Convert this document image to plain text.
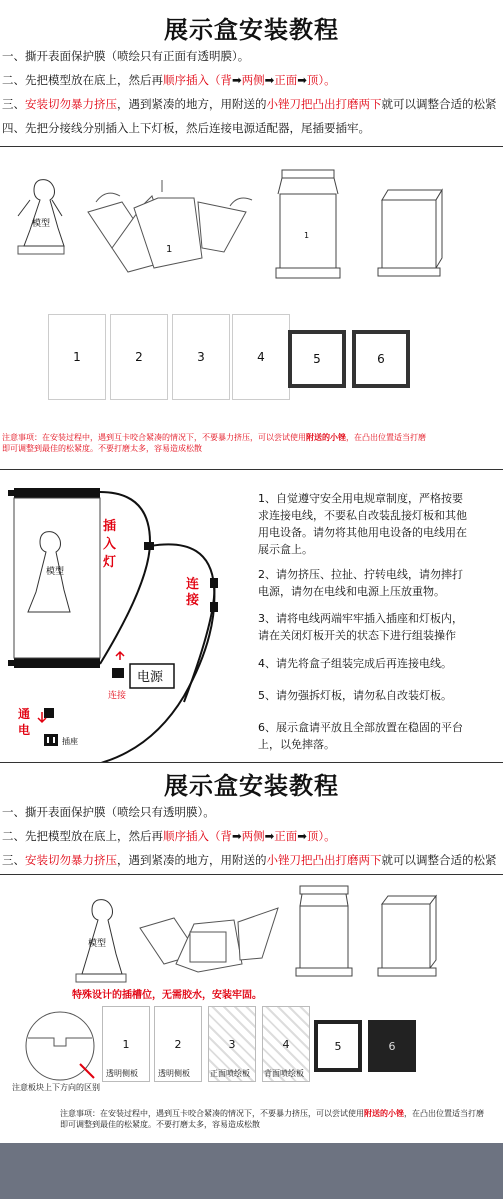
展示盒安装教程
一、撕开表面保护膜（喷绘只有正面有透明膜）。
二、先把模型放在底上，然后再顺序插入（背➡两侧➡正面➡顶）。
三、安装切勿暴力挤压，遇到紧凑的地方，用附送的小锉刀把凸出打磨两下就可以调整合适的松紧
四、先把分接线分别插入上下灯板，然后连接电源适配器，尾插要插牢。
模型
1
1
1	2	3	4	5	6
注意事项：在安装过程中，遇到互卡咬合紧凑的情况下，不要暴力挤压，可以尝试使用附送的小锉，在凸出位置适当打磨
即可调整到最佳的松紧度。不要打磨太多，容易造成松散
模型
插入灯
连接
连接
电源
通电
插座
1、自觉遵守安全用电规章制度，严格按要
求连接电线，不要私自改装乱接灯板和其他
用电设备。请勿将其他用电设备的电线用在
展示盒上。
2、请勿挤压、拉扯、拧转电线，请勿摔打
电源，请勿在电线和电源上压放重物。
3、请将电线两端牢牢插入插座和灯板内，
请在关闭灯板开关的状态下进行组装操作
4、请先将盒子组装完成后再连接电线。
5、请勿强拆灯板，请勿私自改装灯板。
6、展示盒请平放且全部放置在稳固的平台
上，以免摔落。
展示盒安装教程
一、撕开表面保护膜（喷绘只有透明膜）。
二、先把模型放在底上，然后再顺序插入（背➡两侧➡正面➡顶）。
三、安装切勿暴力挤压，遇到紧凑的地方，用附送的小锉刀把凸出打磨两下就可以调整合适的松紧
模型
特殊设计的插槽位，无需胶水，安装牢固。
注意板块上下方向的区别
1	2	3	4	5	6
透明侧板	透明侧板	正面喷绘板 背面喷绘板
注意事项：在安装过程中，遇到互卡咬合紧凑的情况下，不要暴力挤压，可以尝试使用附送的小锉，在凸出位置适当打磨
即可调整到最佳的松紧度。不要打磨太多，容易造成松散
